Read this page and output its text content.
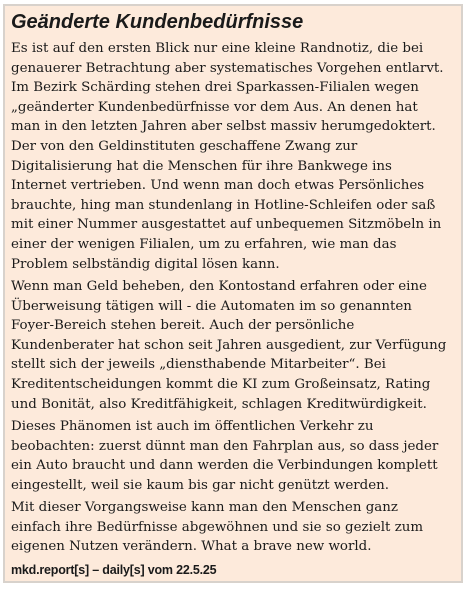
Geänderte Kundenbedürfnisse
Es ist auf den ersten Blick nur eine kleine Randnotiz, die bei
genauerer Betrachtung aber systematisches Vorgehen entlarvt.
Im Bezirk Schärding stehen drei Sparkassen-Filialen wegen
„geänderter Kundenbedürfnisse vor dem Aus. An denen hat
man in den letzten Jahren aber selbst massiv herumgedoktert.
Der von den Geldinstituten geschaffene Zwang zur
Digitalisierung hat die Menschen für ihre Bankwege ins
Internet vertrieben. Und wenn man doch etwas Persönliches
brauchte, hing man stundenlang in Hotline-Schleifen oder saß
mit einer Nummer ausgestattet auf unbequemen Sitzmöbeln in
einer der wenigen Filialen, um zu erfahren, wie man das
Problem selbständig digital lösen kann.
Wenn man Geld beheben, den Kontostand erfahren oder eine
Überweisung tätigen will - die Automaten im so genannten
Foyer-Bereich stehen bereit. Auch der persönliche
Kundenberater hat schon seit Jahren ausgedient, zur Verfügung
stellt sich der jeweils „diensthabende Mitarbeiter“. Bei
Kreditentscheidungen kommt die KI zum Großeinsatz, Rating
und Bonität, also Kreditfähigkeit, schlagen Kreditwürdigkeit.
Dieses Phänomen ist auch im öffentlichen Verkehr zu
beobachten: zuerst dünnt man den Fahrplan aus, so dass jeder
ein Auto braucht und dann werden die Verbindungen komplett
eingestellt, weil sie kaum bis gar nicht genützt werden.
Mit dieser Vorgangsweise kann man den Menschen ganz
einfach ihre Bedürfnisse abgewöhnen und sie so gezielt zum
eigenen Nutzen verändern. What a brave new world.
mkd.report[s] – daily[s] vom 22.5.25
